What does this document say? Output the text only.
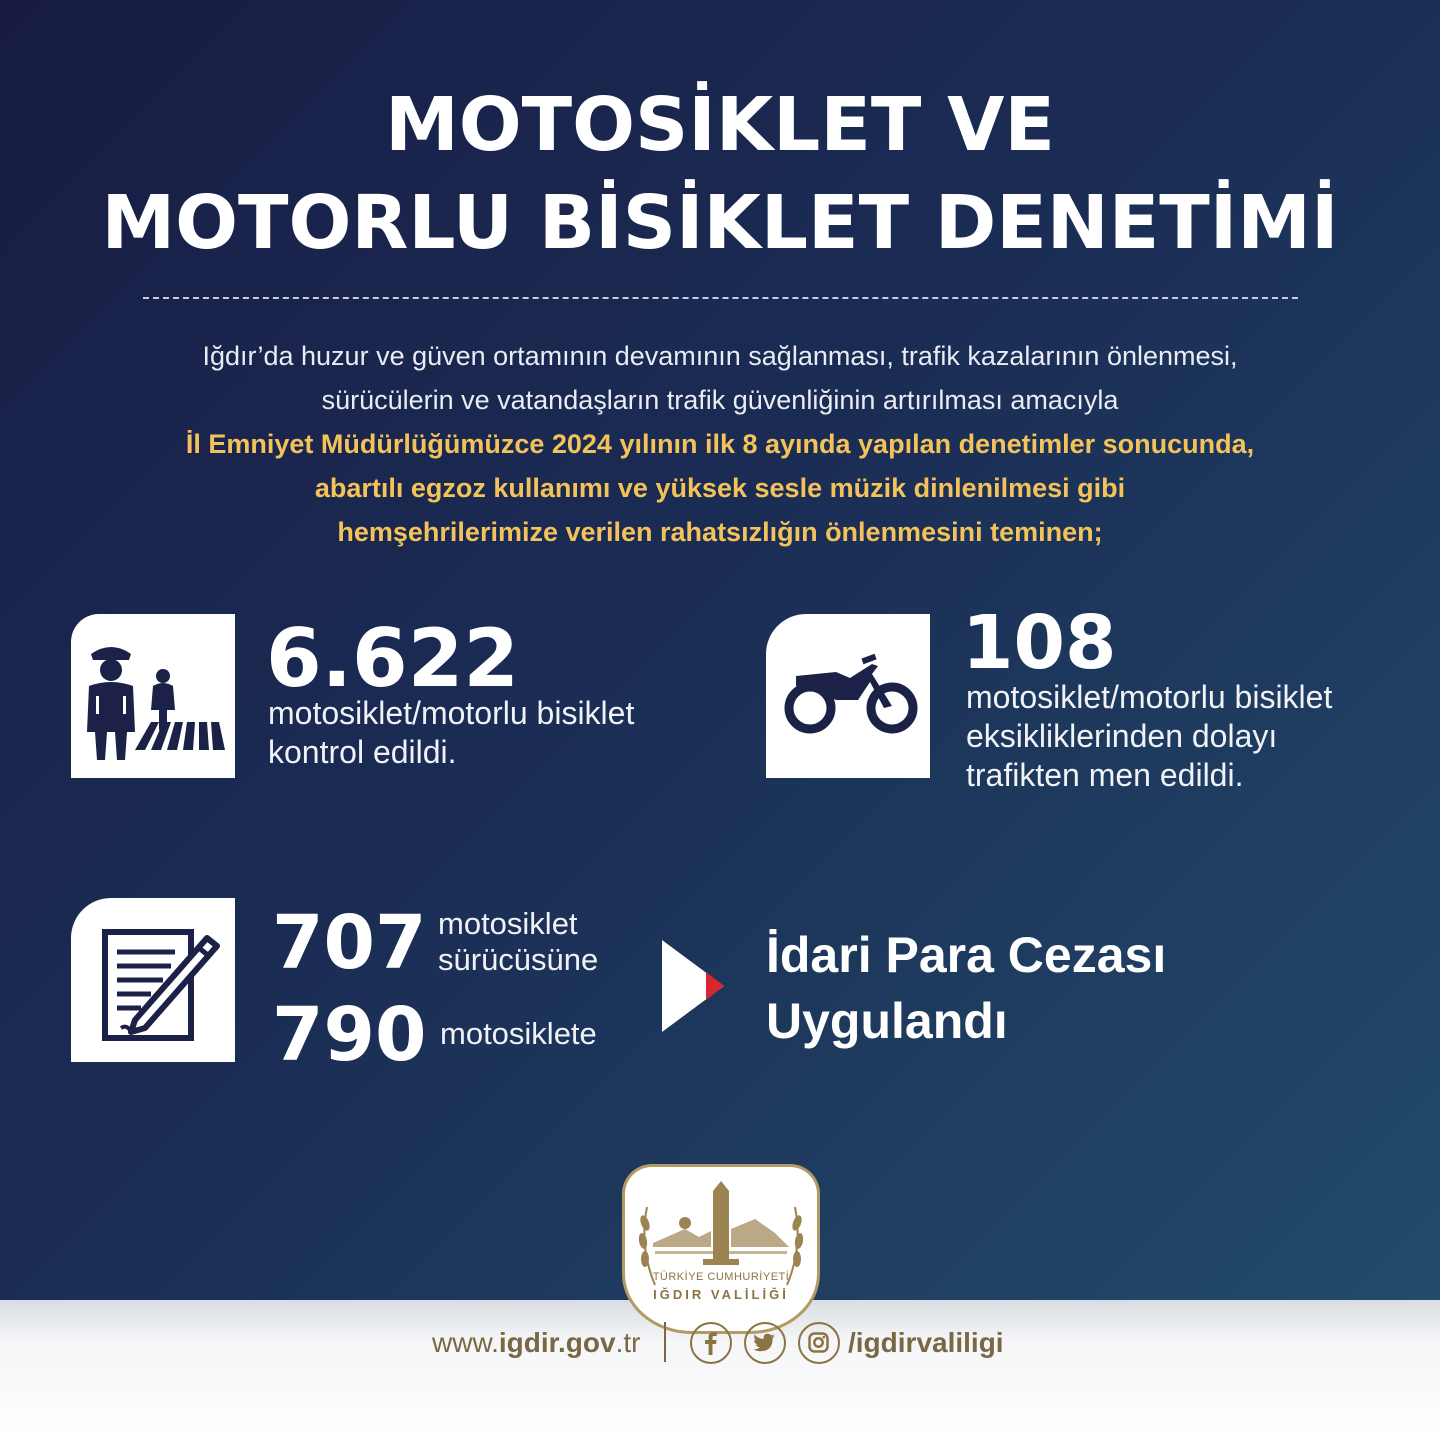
MOTOSİKLET VE
MOTORLU BİSİKLET DENETİMİ
Iğdır’da huzur ve güven ortamının devamının sağlanması, trafik kazalarının önlenmesi,
sürücülerin ve vatandaşların trafik güvenliğinin artırılması amacıyla
İl Emniyet Müdürlüğümüzce 2024 yılının ilk 8 ayında yapılan denetimler sonucunda,
abartılı egzoz kullanımı ve yüksek sesle müzik dinlenilmesi gibi
hemşehrilerimize verilen rahatsızlığın önlenmesini teminen;
6.622
motosiklet/motorlu bisiklet
kontrol edildi.
108
motosiklet/motorlu bisiklet
eksikliklerinden dolayı
trafikten men edildi.
707 motosiklet
sürücüsüne
790 motosiklete
İdari Para Cezası
Uygulandı
TÜRKİYE CUMHURİYETİ
IĞDIR VALİLİĞİ
www. igdir.gov .tr	/igdirvaliligi
